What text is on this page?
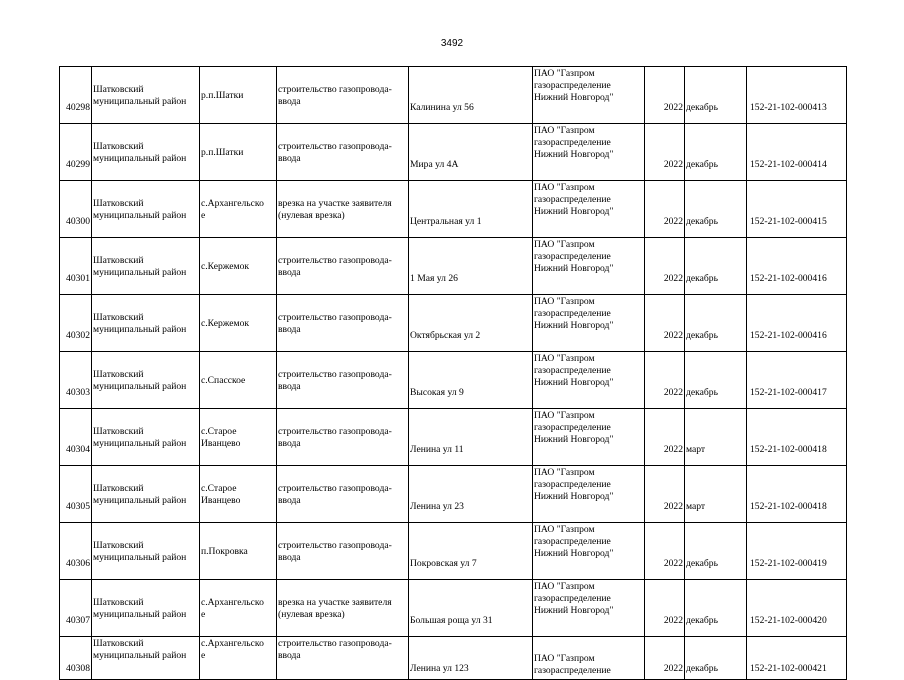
3492
40298	Шатковский
муниципальный район	р.п.Шатки	строительство газопровода-
ввода	Калинина ул 56	ПАО "Газпром
газораспределение
Нижний Новгород"	2022	декабрь	152-21-102-000413
40299	Шатковский
муниципальный район	р.п.Шатки	строительство газопровода-
ввода	Мира ул 4А	ПАО "Газпром
газораспределение
Нижний Новгород"	2022	декабрь	152-21-102-000414
40300	Шатковский
муниципальный район	с.Архангельско
е	врезка на участке заявителя
(нулевая врезка)	Центральная ул 1	ПАО "Газпром
газораспределение
Нижний Новгород"	2022	декабрь	152-21-102-000415
40301	Шатковский
муниципальный район	с.Кержемок	строительство газопровода-
ввода	1 Мая ул 26	ПАО "Газпром
газораспределение
Нижний Новгород"	2022	декабрь	152-21-102-000416
40302	Шатковский
муниципальный район	с.Кержемок	строительство газопровода-
ввода	Октябрьская ул 2	ПАО "Газпром
газораспределение
Нижний Новгород"	2022	декабрь	152-21-102-000416
40303	Шатковский
муниципальный район	с.Спасское	строительство газопровода-
ввода	Высокая ул 9	ПАО "Газпром
газораспределение
Нижний Новгород"	2022	декабрь	152-21-102-000417
40304	Шатковский
муниципальный район	с.Старое
Иванцево	строительство газопровода-
ввода	Ленина ул 11	ПАО "Газпром
газораспределение
Нижний Новгород"	2022	март	152-21-102-000418
40305	Шатковский
муниципальный район	с.Старое
Иванцево	строительство газопровода-
ввода	Ленина ул 23	ПАО "Газпром
газораспределение
Нижний Новгород"	2022	март	152-21-102-000418
40306	Шатковский
муниципальный район	п.Покровка	строительство газопровода-
ввода	Покровская ул 7	ПАО "Газпром
газораспределение
Нижний Новгород"	2022	декабрь	152-21-102-000419
40307	Шатковский
муниципальный район	с.Архангельско
е	врезка на участке заявителя
(нулевая врезка)	Большая роща ул 31	ПАО "Газпром
газораспределение
Нижний Новгород"	2022	декабрь	152-21-102-000420
40308	Шатковский
муниципальный район	с.Архангельско
е	строительство газопровода-
ввода	Ленина ул 123	ПАО "Газпром
газораспределение	2022	декабрь	152-21-102-000421
